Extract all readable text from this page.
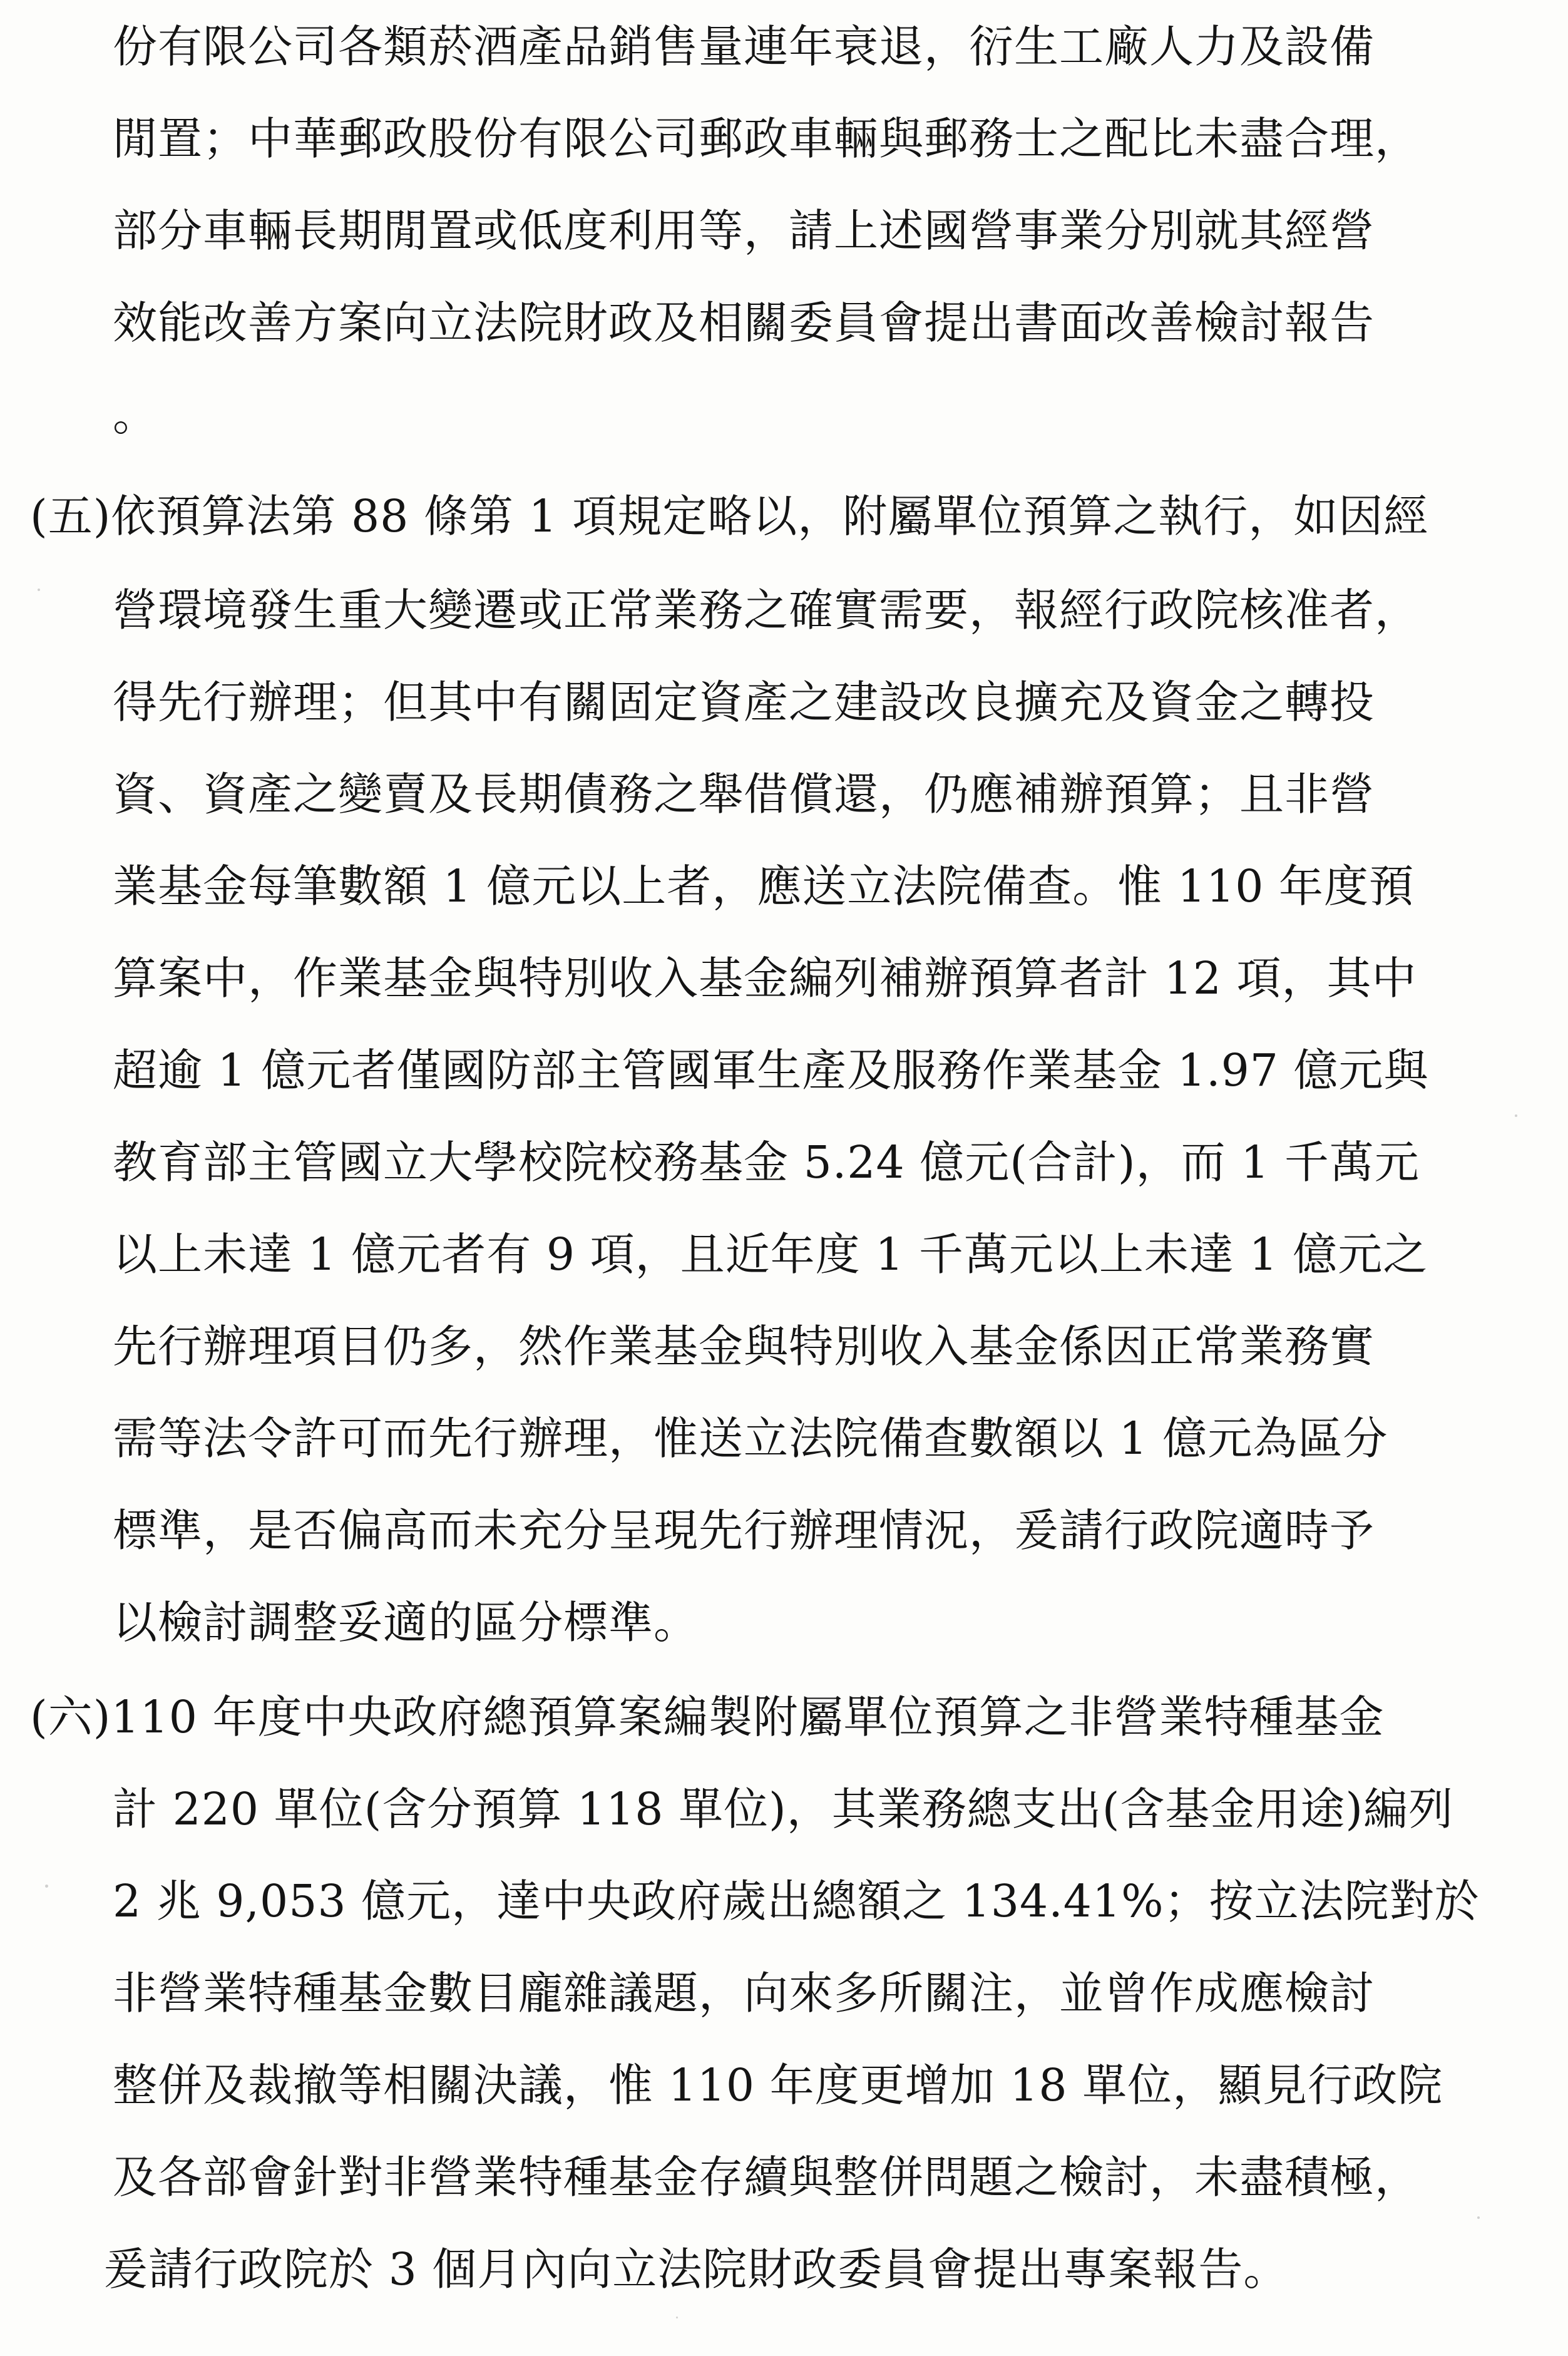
份有限公司各類菸酒產品銷售量連年衰退，衍生工廠人力及設備
閒置；中華郵政股份有限公司郵政車輛與郵務士之配比未盡合理，
部分車輛長期閒置或低度利用等，請上述國營事業分別就其經營
效能改善方案向立法院財政及相關委員會提出書面改善檢討報告
。
(五)依預算法第 88 條第 1 項規定略以，附屬單位預算之執行，如因經
營環境發生重大變遷或正常業務之確實需要，報經行政院核准者，
得先行辦理；但其中有關固定資產之建設改良擴充及資金之轉投
資、資產之變賣及長期債務之舉借償還，仍應補辦預算；且非營
業基金每筆數額 1 億元以上者，應送立法院備查。惟 110 年度預
算案中，作業基金與特別收入基金編列補辦預算者計 12 項，其中
超逾 1 億元者僅國防部主管國軍生產及服務作業基金 1.97 億元與
教育部主管國立大學校院校務基金 5.24 億元(合計)，而 1 千萬元
以上未達 1 億元者有 9 項，且近年度 1 千萬元以上未達 1 億元之
先行辦理項目仍多，然作業基金與特別收入基金係因正常業務實
需等法令許可而先行辦理，惟送立法院備查數額以 1 億元為區分
標準，是否偏高而未充分呈現先行辦理情況，爰請行政院適時予
以檢討調整妥適的區分標準。
(六)110 年度中央政府總預算案編製附屬單位預算之非營業特種基金
計 220 單位(含分預算 118 單位)，其業務總支出(含基金用途)編列
2 兆 9,053 億元，達中央政府歲出總額之 134.41%；按立法院對於
非營業特種基金數目龐雜議題，向來多所關注，並曾作成應檢討
整併及裁撤等相關決議，惟 110 年度更增加 18 單位，顯見行政院
及各部會針對非營業特種基金存續與整併問題之檢討，未盡積極，
爰請行政院於 3 個月內向立法院財政委員會提出專案報告。
